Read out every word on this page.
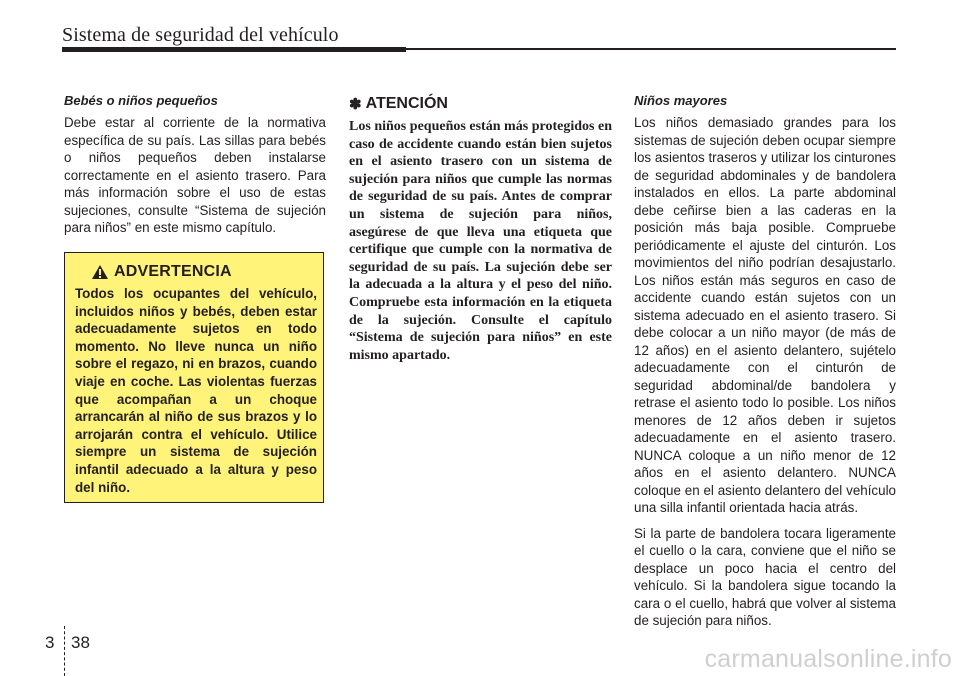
Sistema de seguridad del vehículo

Bebés o niños pequeños

Debe estar al corriente de la normativa específica de su país. Las sillas para bebés o niños pequeños deben instalarse correctamente en el asiento trasero. Para más información sobre el uso de estas sujeciones, consulte “Sistema de sujeción para niños” en este mismo capítulo.

ADVERTENCIA

Todos los ocupantes del vehículo, incluidos niños y bebés, deben estar adecuadamente sujetos en todo momento. No lleve nunca un niño sobre el regazo, ni en brazos, cuando viaje en coche. Las violentas fuerzas que acompañan a un choque arrancarán al niño de sus brazos y lo arrojarán contra el vehículo. Utilice siempre un sistema de sujeción infantil adecuado a la altura y peso del niño.

✽ ATENCIÓN

Los niños pequeños están más protegidos en caso de accidente cuando están bien sujetos en el asiento trasero con un sistema de sujeción para niños que cumple las normas de seguridad de su país. Antes de comprar un sistema de sujeción para niños, asegúrese de que lleva una etiqueta que certifique que cumple con la normativa de seguridad de su país. La sujeción debe ser la adecuada a la altura y el peso del niño. Compruebe esta información en la etiqueta de la sujeción. Consulte el capítulo “Sistema de sujeción para niños” en este mismo apartado.

Niños mayores

Los niños demasiado grandes para los sistemas de sujeción deben ocupar siempre los asientos traseros y utilizar los cinturones de seguridad abdominales y de bandolera instalados en ellos. La parte abdominal debe ceñirse bien a las caderas en la posición más baja posible. Compruebe periódicamente el ajuste del cinturón. Los movimientos del niño podrían desajustarlo. Los niños están más seguros en caso de accidente cuando están sujetos con un sistema adecuado en el asiento trasero. Si debe colocar a un niño mayor (de más de 12 años) en el asiento delantero, sujételo adecuadamente con el cinturón de seguridad abdominal/de bandolera y retrase el asiento todo lo posible. Los niños menores de 12 años deben ir sujetos adecuadamente en el asiento trasero. NUNCA coloque a un niño menor de 12 años en el asiento delantero. NUNCA coloque en el asiento delantero del vehículo una silla infantil orientada hacia atrás.

Si la parte de bandolera tocara ligeramente el cuello o la cara, conviene que el niño se desplace un poco hacia el centro del vehículo. Si la bandolera sigue tocando la cara o el cuello, habrá que volver al sistema de sujeción para niños.

3 38
carmanualsonline.info
